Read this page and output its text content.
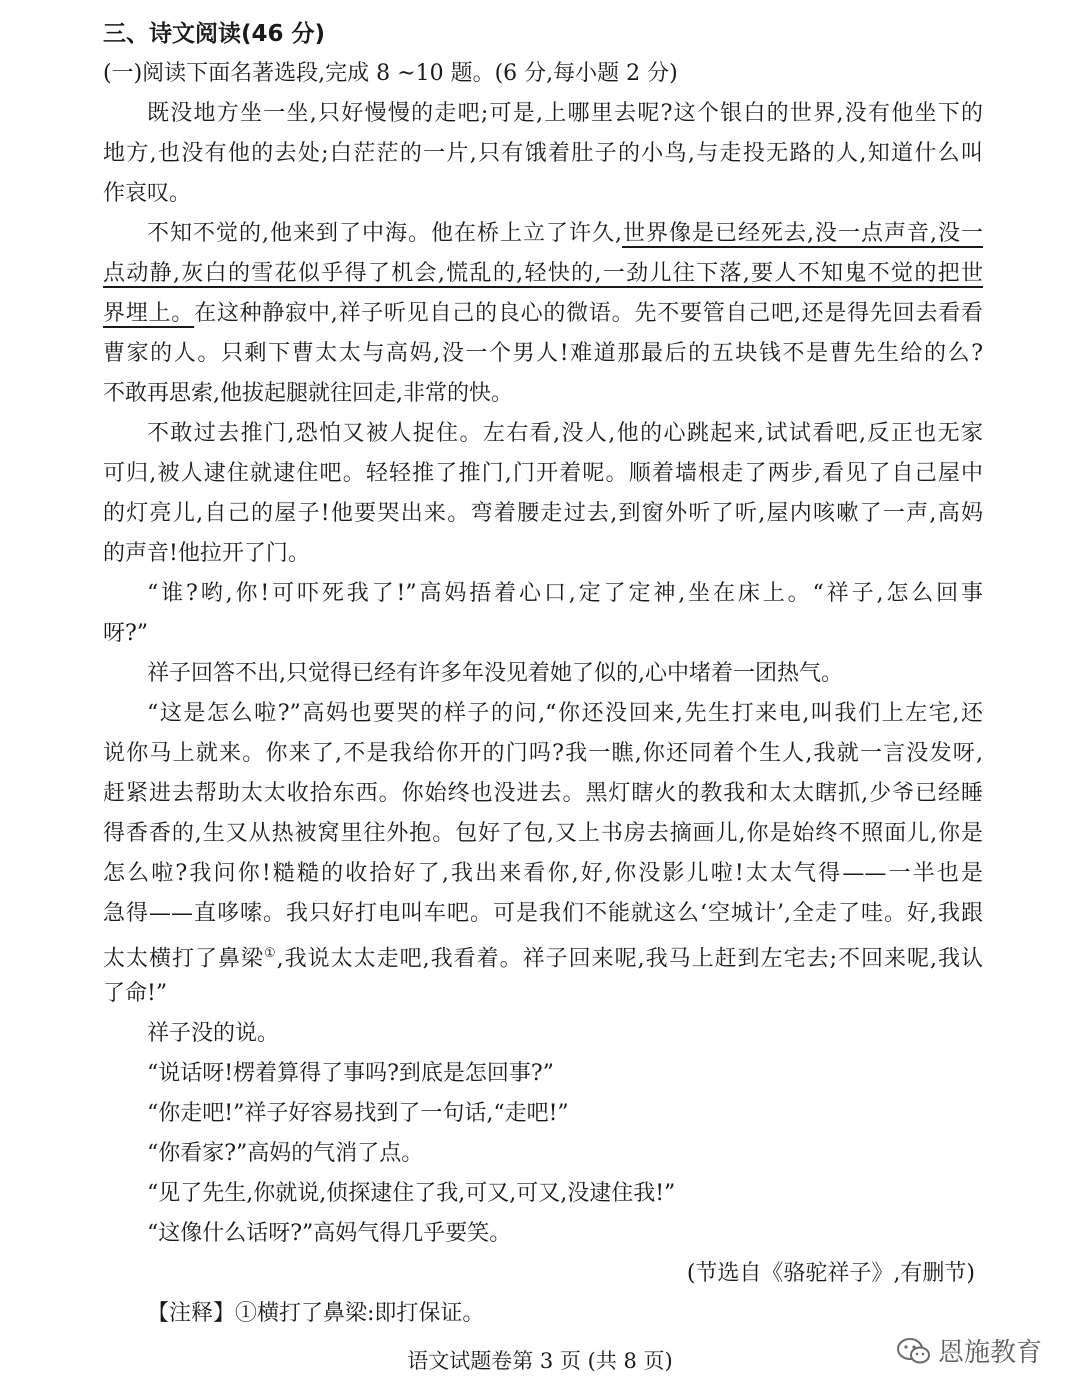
三、诗文阅读(46 分)
(一)阅读下面名著选段,完成 8 ~10 题。(6 分,每小题 2 分)
既没地方坐一坐,只好慢慢的走吧;可是,上哪里去呢?这个银白的世界,没有他坐下的
地方,也没有他的去处;白茫茫的一片,只有饿着肚子的小鸟,与走投无路的人,知道什么叫
作哀叹。
不知不觉的,他来到了中海。他在桥上立了许久,世界像是已经死去,没一点声音,没一
点动静,灰白的雪花似乎得了机会,慌乱的,轻快的,一劲儿往下落,要人不知鬼不觉的把世
界埋上。在这种静寂中,祥子听见自己的良心的微语。先不要管自己吧,还是得先回去看看
曹家的人。只剩下曹太太与高妈,没一个男人!难道那最后的五块钱不是曹先生给的么?
不敢再思索,他拔起腿就往回走,非常的快。
不敢过去推门,恐怕又被人捉住。左右看,没人,他的心跳起来,试试看吧,反正也无家
可归,被人逮住就逮住吧。轻轻推了推门,门开着呢。顺着墙根走了两步,看见了自己屋中
的灯亮儿,自己的屋子!他要哭出来。弯着腰走过去,到窗外听了听,屋内咳嗽了一声,高妈
的声音!他拉开了门。
“谁?哟,你!可吓死我了!”高妈捂着心口,定了定神,坐在床上。“祥子,怎么回事
呀?”
祥子回答不出,只觉得已经有许多年没见着她了似的,心中堵着一团热气。
“这是怎么啦?”高妈也要哭的样子的问,“你还没回来,先生打来电,叫我们上左宅,还
说你马上就来。你来了,不是我给你开的门吗?我一瞧,你还同着个生人,我就一言没发呀,
赶紧进去帮助太太收拾东西。你始终也没进去。黑灯瞎火的教我和太太瞎抓,少爷已经睡
得香香的,生又从热被窝里往外抱。包好了包,又上书房去摘画儿,你是始终不照面儿,你是
怎么啦?我问你!糙糙的收拾好了,我出来看你,好,你没影儿啦!太太气得——一半也是
急得——直哆嗦。我只好打电叫车吧。可是我们不能就这么‘空城计’,全走了哇。好,我跟
太太横打了鼻梁①,我说太太走吧,我看着。祥子回来呢,我马上赶到左宅去;不回来呢,我认
了命!”
祥子没的说。
“说话呀!楞着算得了事吗?到底是怎回事?”
“你走吧!”祥子好容易找到了一句话,“走吧!”
“你看家?”高妈的气消了点。
“见了先生,你就说,侦探逮住了我,可又,可又,没逮住我!”
“这像什么话呀?”高妈气得几乎要笑。
(节选自《骆驼祥子》,有删节)
【注释】①横打了鼻梁:即打保证。
语文试题卷第 3 页 (共 8 页)	恩施教育
